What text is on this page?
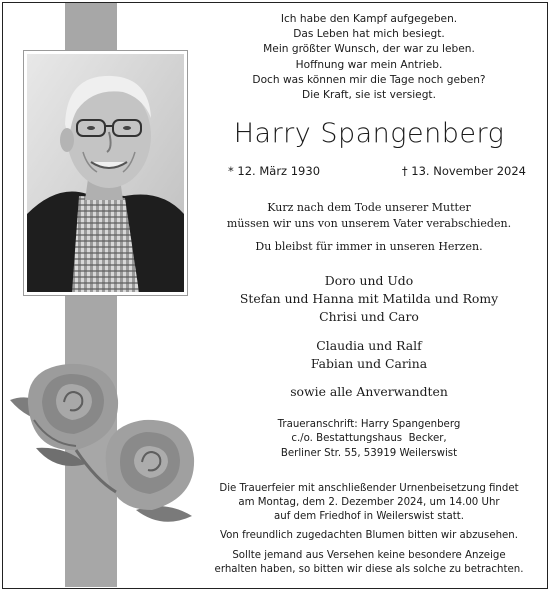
Ich habe den Kampf aufgegeben.
Das Leben hat mich besiegt.
Mein größter Wunsch, der war zu leben.
Hoffnung war mein Antrieb.
Doch was können mir die Tage noch geben?
Die Kraft, sie ist versiegt.
Harry Spangenberg
* 12. März 1930	† 13. November 2024
Kurz nach dem Tode unserer Mutter
müssen wir uns von unserem Vater verabschieden.
Du bleibst für immer in unseren Herzen.
Doro und Udo
Stefan und Hanna mit Matilda und Romy
Chrisi und Caro
Claudia und Ralf
Fabian und Carina
sowie alle Anverwandten
Traueranschrift: Harry Spangenberg
c./o. Bestattungshaus  Becker,
Berliner Str. 55, 53919 Weilerswist
Die Trauerfeier mit anschließender Urnenbeisetzung findet
am Montag, dem 2. Dezember 2024, um 14.00 Uhr
auf dem Friedhof in Weilerswist statt.
Von freundlich zugedachten Blumen bitten wir abzusehen.
Sollte jemand aus Versehen keine besondere Anzeige
erhalten haben, so bitten wir diese als solche zu betrachten.
